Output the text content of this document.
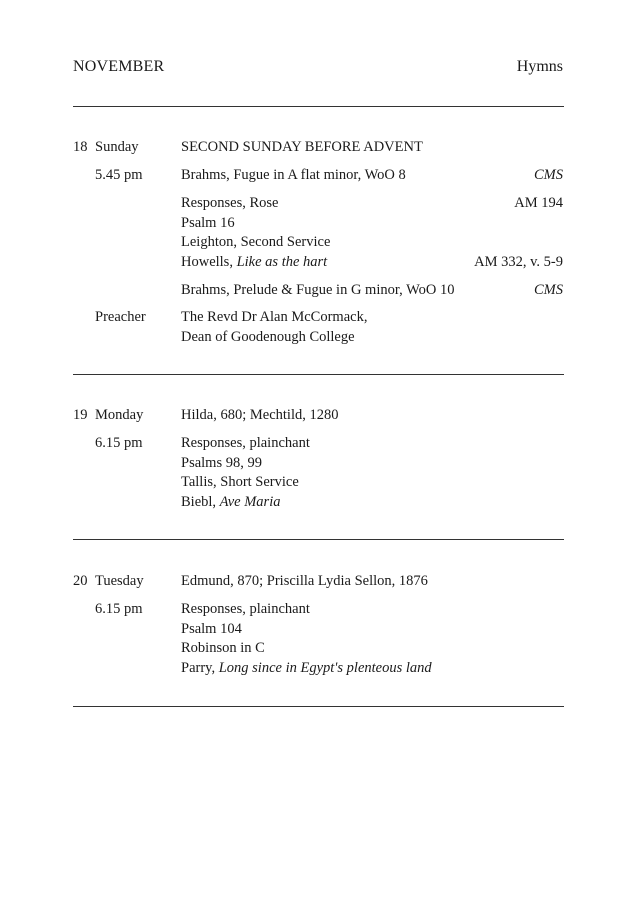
NOVEMBER	Hymns
18 Sunday	SECOND SUNDAY BEFORE ADVENT
5.45 pm	Brahms, Fugue in A flat minor, WoO 8	CMS
Responses, Rose	AM 194
Psalm 16
Leighton, Second Service
Howells, Like as the hart	AM 332, v. 5-9
Brahms, Prelude & Fugue in G minor, WoO 10	CMS
Preacher The Revd Dr Alan McCormack,
Dean of Goodenough College
19 Monday	Hilda, 680; Mechtild, 1280
6.15 pm	Responses, plainchant
Psalms 98, 99
Tallis, Short Service
Biebl, Ave Maria
20 Tuesday	Edmund, 870; Priscilla Lydia Sellon, 1876
6.15 pm	Responses, plainchant
Psalm 104
Robinson in C
Parry, Long since in Egypt's plenteous land
